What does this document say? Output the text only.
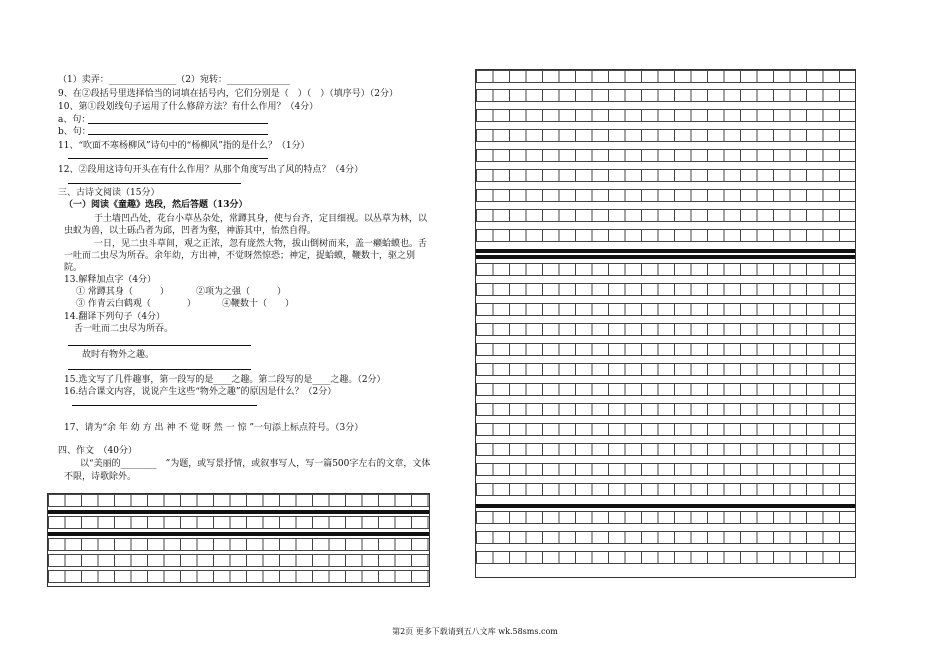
（1）卖弄：_______________（2）宛转：______________
9、在②段括号里选择恰当的词填在括号内，它们分别是（　）（　）（填序号）（2分）
10、第①段划线句子运用了什么修辞方法？有什么作用？（4分）
a、句：
b、句：
11、“吹面不寒杨柳风”诗句中的“杨柳风”指的是什么？（1分）
12、②段用这诗句开头在有什么作用？从那个角度写出了风的特点？（4分）
三、古诗文阅读（15分）
（一）阅读《童趣》选段，然后答题（13分）
于土墙凹凸处，花台小草丛杂处，常蹲其身，使与台齐，定目细视。以丛草为林，以
虫蚁为兽，以土砾凸者为邱，凹者为壑，神游其中，怡然自得。
一日，见二虫斗草间，观之正浓，忽有庞然大物，拔山倒树而来，盖一癞蛤蟆也。舌
一吐而二虫尽为所吞。余年幼，方出神，不觉呀然惊恐；神定，捉蛤蟆，鞭数十，驱之别
院。
13.解释加点字（4分）
① 常蹲其身（　　　）	②项为之强（　　　）
③ 作青云白鹤观（　　　　）	④鞭数十（　　）
14.翻译下列句子（4分）
舌一吐而二虫尽为所吞。
故时有物外之趣。
15.选文写了几件趣事，第一段写的是____之趣。第二段写的是____之趣。（2分）
16.结合课文内容，说说产生这些“物外之趣”的原因是什么？（2分）
17、请为“余 年 幼 方 出 神 不 觉 呀 然 一 惊 ”一句添上标点符号。（3分）
四、作文　（40分）
以“美丽的________　”为题，或写景抒情，或叙事写人，写一篇500字左右的文章，文体
不限，诗歌除外。
第2页 更多下载请到五八文库 wk.58sms.com
